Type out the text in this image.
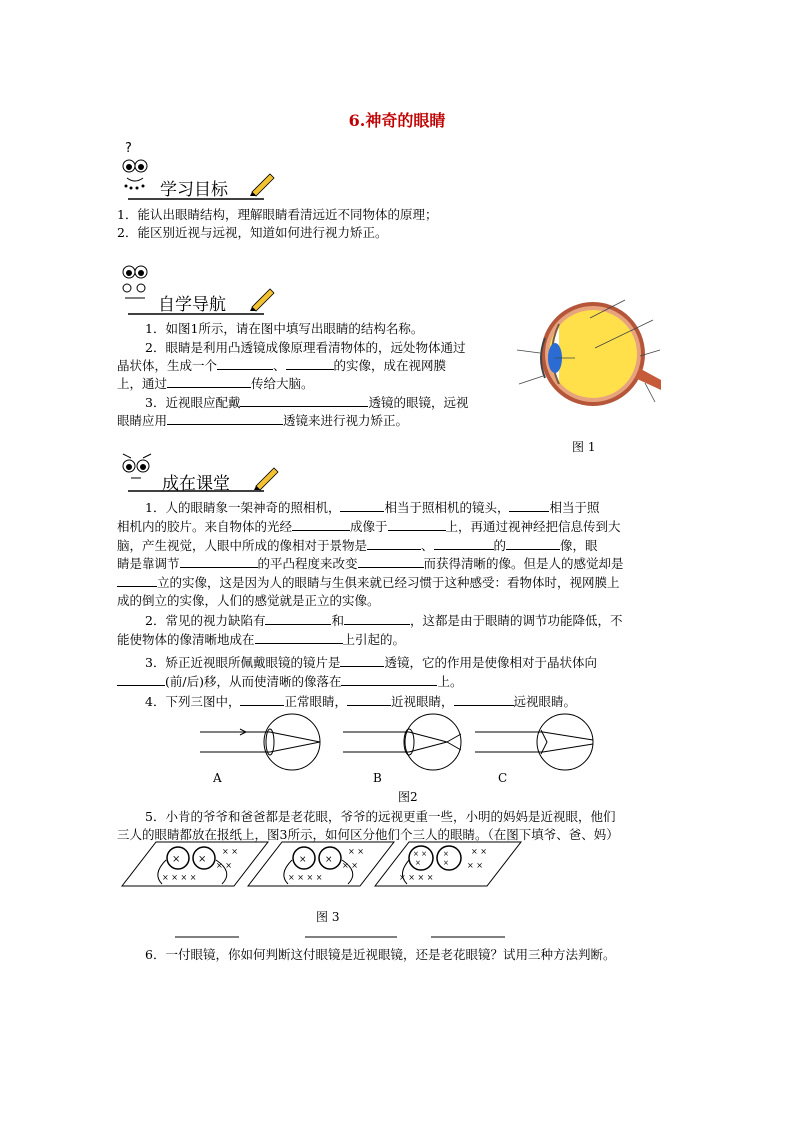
6.神奇的眼睛
?
学习目标
1．能认出眼睛结构，理解眼睛看清远近不同物体的原理；
2．能区别近视与远视，知道如何进行视力矫正。
自学导航
1．如图1所示，请在图中填写出眼睛的结构名称。
2．眼睛是利用凸透镜成像原理看清物体的，远处物体通过
晶状体，生成一个	、	的实像，成在视网膜
上，通过	传给大脑。
3．近视眼应配戴	透镜的眼镜，远视
眼睛应用	透镜来进行视力矫正。
图 1
成在课堂
1．人的眼睛象一架神奇的照相机，	相当于照相机的镜头，	相当于照
相机内的胶片。来自物体的光经	成像于	上，再通过视神经把信息传到大
脑，产生视觉，人眼中所成的像相对于景物是	、	的	像，眼
睛是靠调节	的平凸程度来改变	而获得清晰的像。但是人的感觉却是
立的实像，这是因为人的眼睛与生俱来就已经习惯于这种感受：看物体时，视网膜上
成的倒立的实像，人们的感觉就是正立的实像。
2．常见的视力缺陷有	和	，这都是由于眼睛的调节功能降低，不
能使物体的像清晰地成在	上引起的。
3．矫正近视眼所佩戴眼镜的镜片是	透镜，它的作用是使像相对于晶状体向
(前/后)移，从而使清晰的像落在	上。
4．下列三图中，	正常眼睛，	近视眼睛，	远视眼睛。
A	B	C
图2
5．小肯的爷爷和爸爸都是老花眼，爷爷的远视更重一些，小明的妈妈是近视眼，他们
三人的眼睛都放在报纸上，图3所示，如何区分他们个三人的眼睛。（在图下填爷、爸、妈）
× ×
× ×
× ×
× × × ×
× ×
× ×
× ×
× × × ×
× ×
×
×
×
× ×
× ×
× × × ×
图 3
6．一付眼镜，你如何判断这付眼镜是近视眼镜，还是老花眼镜？试用三种方法判断。
